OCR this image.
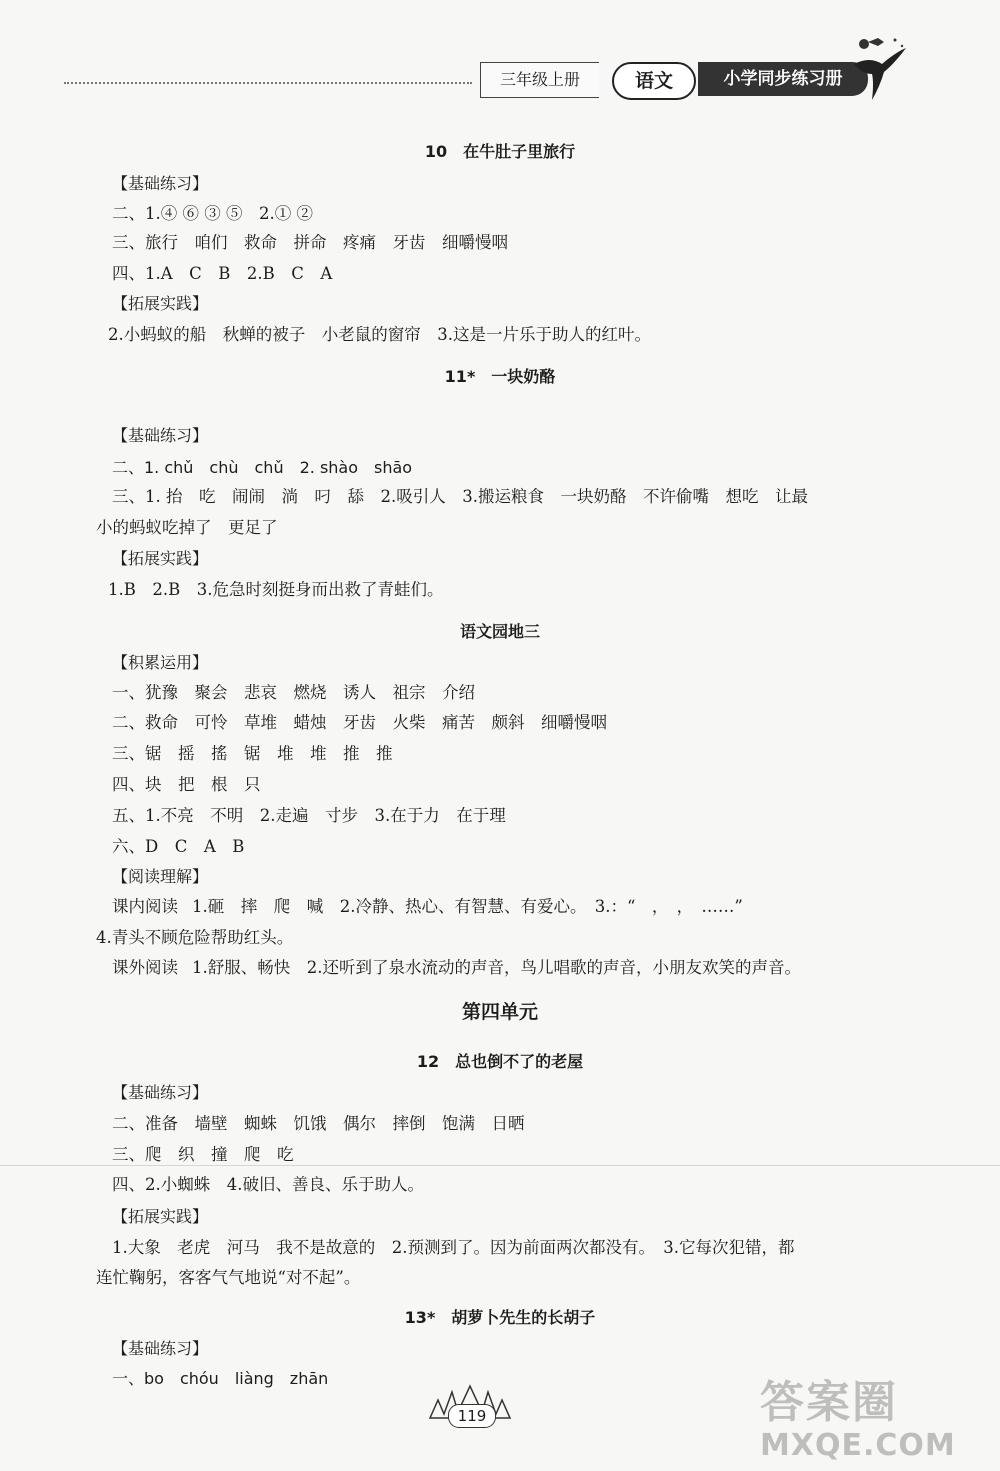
三年级上册	语文	小学同步练习册
10　在牛肚子里旅行
【基础练习】
二、1.④ ⑥ ③ ⑤　2.① ②
三、旅行　咱们　救命　拼命　疼痛　牙齿　细嚼慢咽
四、1.A　C　B　2.B　C　A
【拓展实践】
2.小蚂蚁的船　秋蝉的被子　小老鼠的窗帘　3.这是一片乐于助人的红叶。
11*　一块奶酪
【基础练习】
二、1. chǔ　chù　chǔ　2. shào　shāo
三、1. 抬　吃　闹闹　淌　叼　舔　2.吸引人　3.搬运粮食　一块奶酪　不许偷嘴　想吃　让最
小的蚂蚁吃掉了　更足了
【拓展实践】
1.B　2.B　3.危急时刻挺身而出救了青蛙们。
语文园地三
【积累运用】
一、犹豫　聚会　悲哀　燃烧　诱人　祖宗　介绍
二、救命　可怜　草堆　蜡烛　牙齿　火柴　痛苦　颇斜　细嚼慢咽
三、锯　摇　搖　锯　堆　堆　推　推
四、块　把　根　只
五、1.不亮　不明　2.走遍　寸步　3.在于力　在于理
六、D　C　A　B
【阅读理解】
课内阅读 1.砸　摔　爬　喊　2.冷静、热心、有智慧、有爱心。　3.：“　，　，　……”
4.青头不顾危险帮助红头。
课外阅读 1.舒服、畅快　2.还听到了泉水流动的声音，鸟儿唱歌的声音，小朋友欢笑的声音。
第四单元
12　总也倒不了的老屋
【基础练习】
二、准备　墙壁　蜘蛛　饥饿　偶尔　摔倒　饱满　日晒
三、爬　织　撞　爬　吃
四、2.小蜘蛛　4.破旧、善良、乐于助人。
【拓展实践】
1.大象　老虎　河马　我不是故意的　2.预测到了。因为前面两次都没有。　3.它每次犯错，都
连忙鞠躬，客客气气地说“对不起”。
13*　胡萝卜先生的长胡子
【基础练习】
一、bo　chóu　liàng　zhān
119	答案圈
MXQE.COM
